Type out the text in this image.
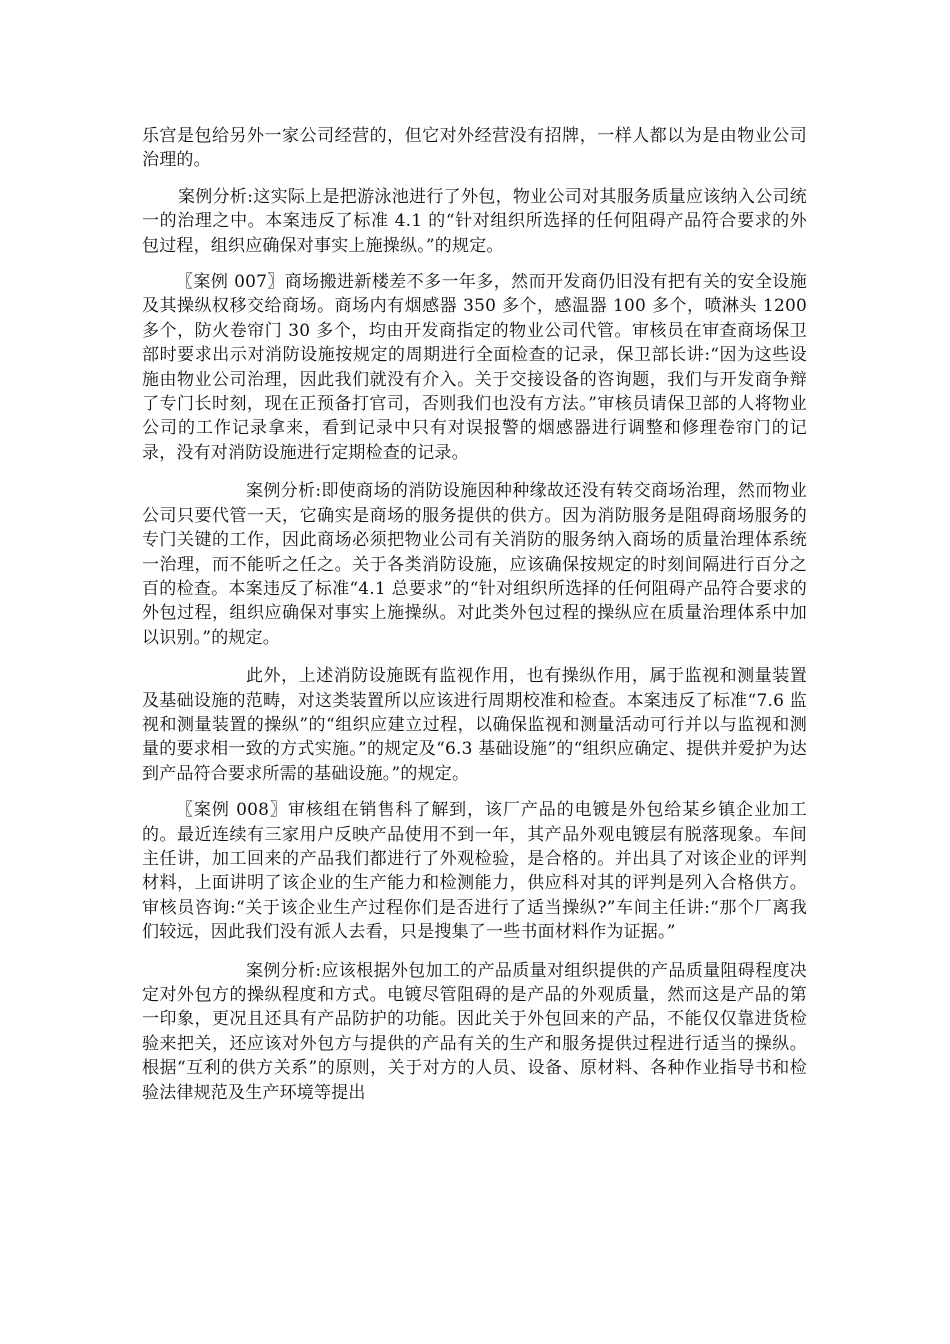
乐宫是包给另外一家公司经营的，但它对外经营没有招牌，一样人都以为是由物业公司治理的。

案例分析:这实际上是把游泳池进行了外包，物业公司对其服务质量应该纳入公司统一的治理之中。本案违反了标准 4.1 的“针对组织所选择的任何阻碍产品符合要求的外包过程，组织应确保对事实上施操纵。”的规定。

〖案例 007〗商场搬进新楼差不多一年多，然而开发商仍旧没有把有关的安全设施及其操纵权移交给商场。商场内有烟感器 350 多个，感温器 100 多个，喷淋头 1200 多个，防火卷帘门 30 多个，均由开发商指定的物业公司代管。审核员在审查商场保卫部时要求出示对消防设施按规定的周期进行全面检查的记录，保卫部长讲:“因为这些设施由物业公司治理，因此我们就没有介入。关于交接设备的咨询题，我们与开发商争辩了专门长时刻，现在正预备打官司，否则我们也没有方法。”审核员请保卫部的人将物业公司的工作记录拿来，看到记录中只有对误报警的烟感器进行调整和修理卷帘门的记录，没有对消防设施进行定期检查的记录。

案例分析:即使商场的消防设施因种种缘故还没有转交商场治理，然而物业公司只要代管一天，它确实是商场的服务提供的供方。因为消防服务是阻碍商场服务的专门关键的工作，因此商场必须把物业公司有关消防的服务纳入商场的质量治理体系统一治理，而不能听之任之。关于各类消防设施，应该确保按规定的时刻间隔进行百分之百的检查。本案违反了标准“4.1 总要求”的“针对组织所选择的任何阻碍产品符合要求的外包过程，组织应确保对事实上施操纵。对此类外包过程的操纵应在质量治理体系中加以识别。”的规定。

此外，上述消防设施既有监视作用，也有操纵作用，属于监视和测量装置及基础设施的范畴，对这类装置所以应该进行周期校准和检查。本案违反了标准“7.6 监视和测量装置的操纵”的“组织应建立过程，以确保监视和测量活动可行并以与监视和测量的要求相一致的方式实施。”的规定及“6.3 基础设施”的“组织应确定、提供并爱护为达到产品符合要求所需的基础设施。”的规定。

〖案例 008〗审核组在销售科了解到，该厂产品的电镀是外包给某乡镇企业加工的。最近连续有三家用户反映产品使用不到一年，其产品外观电镀层有脱落现象。车间主任讲，加工回来的产品我们都进行了外观检验，是合格的。并出具了对该企业的评判材料，上面讲明了该企业的生产能力和检测能力，供应科对其的评判是列入合格供方。审核员咨询:“关于该企业生产过程你们是否进行了适当操纵?”车间主任讲:“那个厂离我们较远，因此我们没有派人去看，只是搜集了一些书面材料作为证据。”

案例分析:应该根据外包加工的产品质量对组织提供的产品质量阻碍程度决定对外包方的操纵程度和方式。电镀尽管阻碍的是产品的外观质量，然而这是产品的第一印象，更况且还具有产品防护的功能。因此关于外包回来的产品，不能仅仅靠进货检验来把关，还应该对外包方与提供的产品有关的生产和服务提供过程进行适当的操纵。根据“互利的供方关系”的原则，关于对方的人员、设备、原材料、各种作业指导书和检验法律规范及生产环境等提出
